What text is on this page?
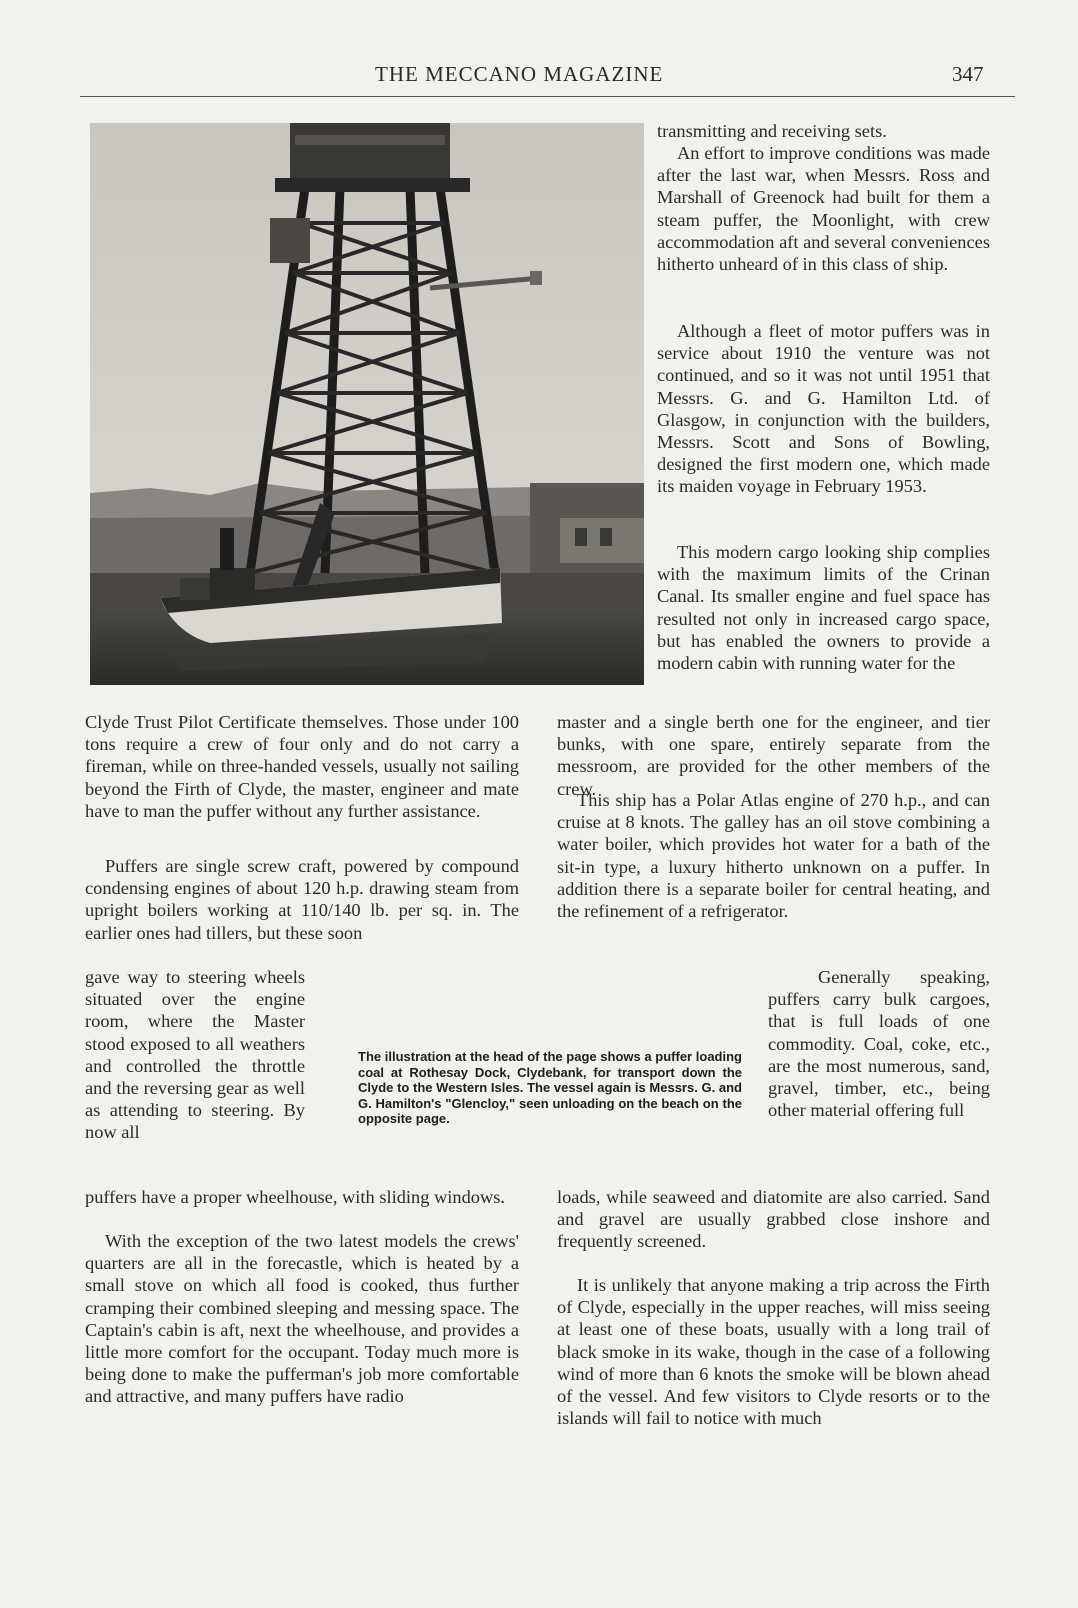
THE MECCANO MAGAZINE	347

transmitting and receiving sets.

An effort to improve conditions was made after the last war, when Messrs. Ross and Marshall of Greenock had built for them a steam puffer, the Moonlight, with crew accommodation aft and several conveniences hitherto unheard of in this class of ship.

Although a fleet of motor puffers was in service about 1910 the venture was not continued, and so it was not until 1951 that Messrs. G. and G. Hamilton Ltd. of Glasgow, in conjunction with the builders, Messrs. Scott and Sons of Bowling, designed the first modern one, which made its maiden voyage in February 1953.

This modern cargo looking ship complies with the maximum limits of the Crinan Canal. Its smaller engine and fuel space has resulted not only in increased cargo space, but has enabled the owners to provide a modern cabin with running water for the

Clyde Trust Pilot Certificate themselves. Those under 100 tons require a crew of four only and do not carry a fireman, while on three-handed vessels, usually not sailing beyond the Firth of Clyde, the master, engineer and mate have to man the puffer without any further assistance.

Puffers are single screw craft, powered by compound condensing engines of about 120 h.p. drawing steam from upright boilers working at 110/140 lb. per sq. in. The earlier ones had tillers, but these soon

gave way to steering wheels situated over the engine room, where the Master stood exposed to all weathers and controlled the throttle and the reversing gear as well as attending to steering. By now all

puffers have a proper wheelhouse, with sliding windows.

With the exception of the two latest models the crews' quarters are all in the forecastle, which is heated by a small stove on which all food is cooked, thus further cramping their combined sleeping and messing space. The Captain's cabin is aft, next the wheelhouse, and provides a little more comfort for the occupant. Today much more is being done to make the pufferman's job more comfortable and attractive, and many puffers have radio

master and a single berth one for the engineer, and tier bunks, with one spare, entirely separate from the messroom, are provided for the other members of the crew.

This ship has a Polar Atlas engine of 270 h.p., and can cruise at 8 knots. The galley has an oil stove combining a water boiler, which provides hot water for a bath of the sit-in type, a luxury hitherto unknown on a puffer. In addition there is a separate boiler for central heating, and the refinement of a refrigerator.

Generally speaking, puffers carry bulk cargoes, that is full loads of one commodity. Coal, coke, etc., are the most numerous, sand, gravel, timber, etc., being other material offering full

loads, while seaweed and diatomite are also carried. Sand and gravel are usually grabbed close inshore and frequently screened.

It is unlikely that anyone making a trip across the Firth of Clyde, especially in the upper reaches, will miss seeing at least one of these boats, usually with a long trail of black smoke in its wake, though in the case of a following wind of more than 6 knots the smoke will be blown ahead of the vessel. And few visitors to Clyde resorts or to the islands will fail to notice with much

The illustration at the head of the page shows a puffer loading coal at Rothesay Dock, Clydebank, for transport down the Clyde to the Western Isles. The vessel again is Messrs. G. and G. Hamilton's "Glencloy," seen unloading on the beach on the opposite page.
